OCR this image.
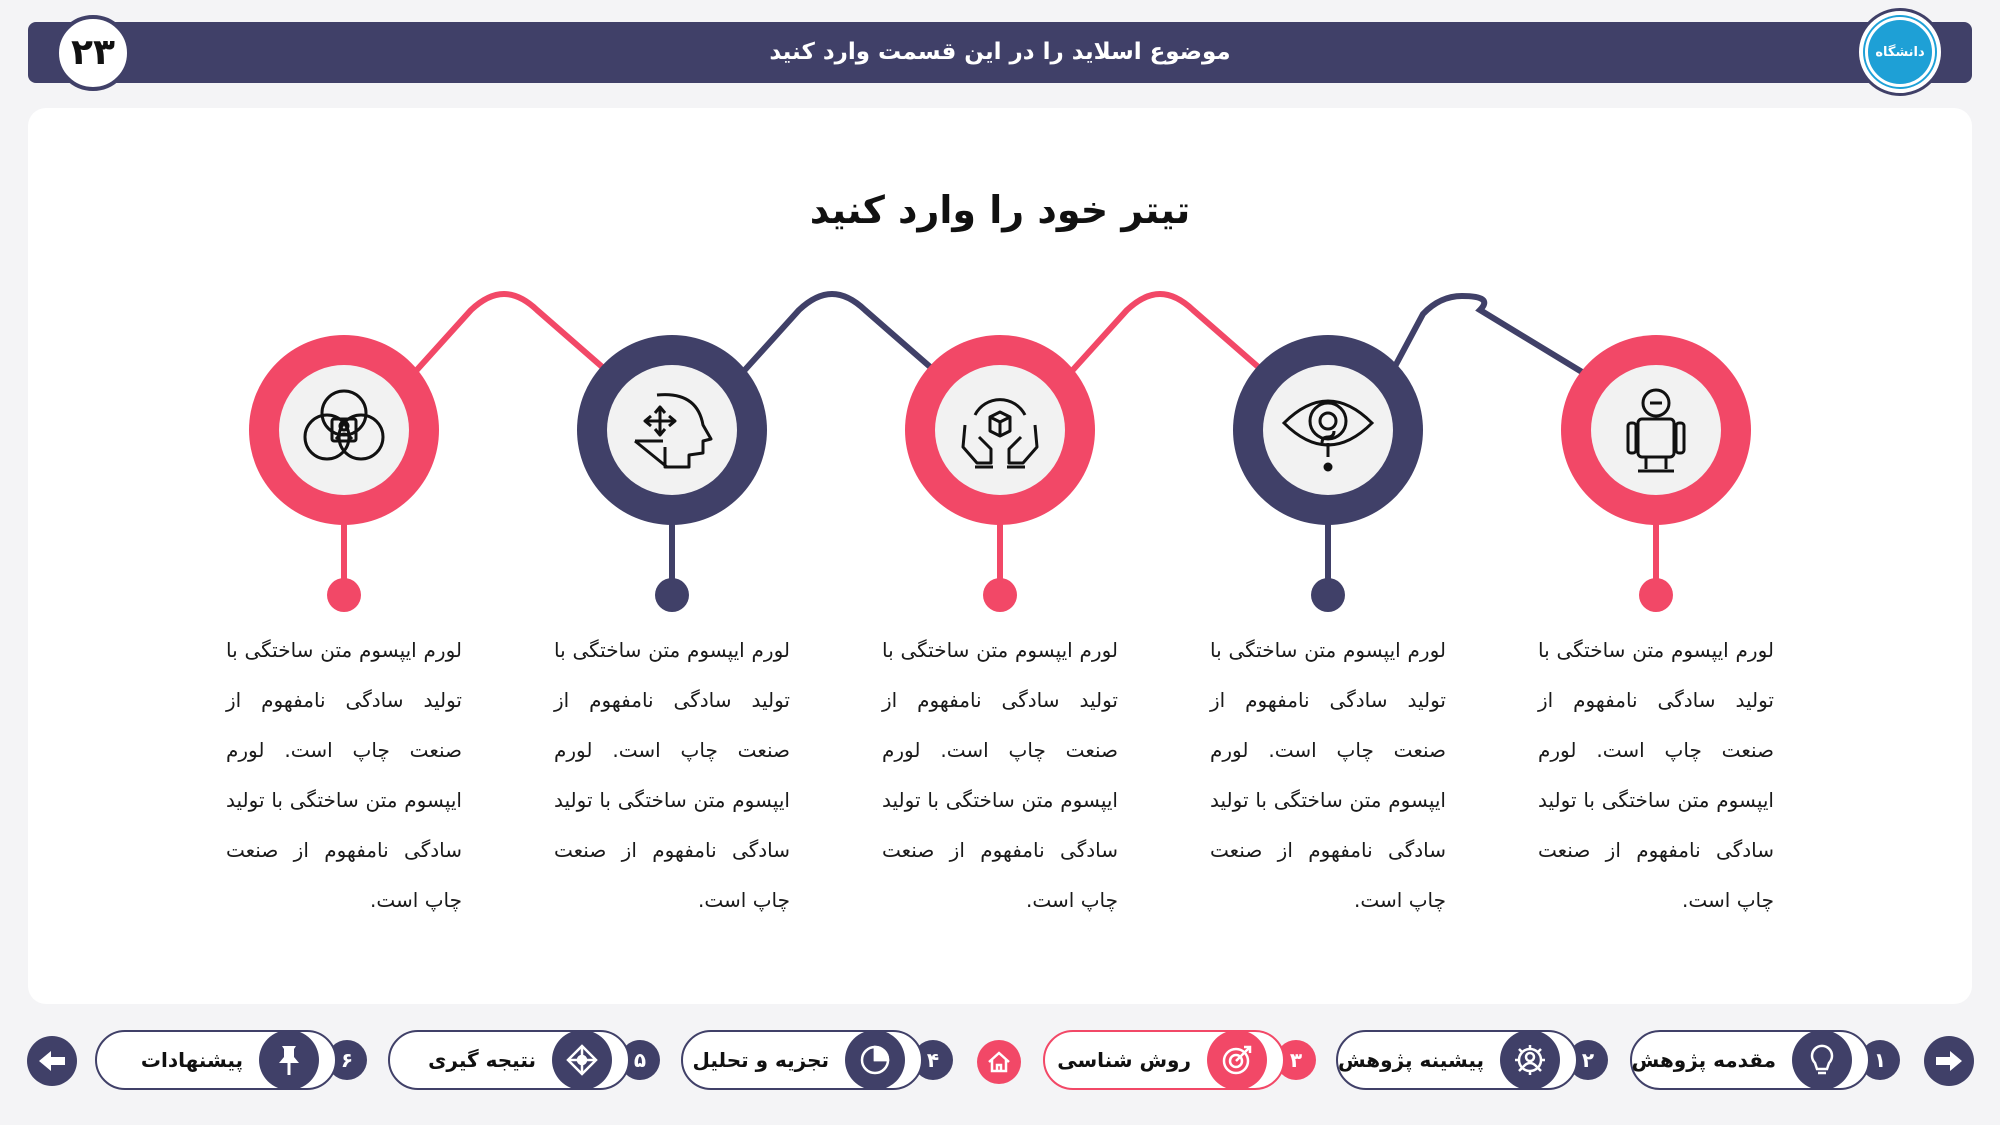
موضوع اسلاید را در این قسمت وارد کنید
۲۳	دانشگاه
تیتر خود را وارد کنید
لورم ایپسوم متن ساختگی با تولید سادگی نامفهوم از صنعت چاپ است. لورم ایپسوم متن ساختگی با تولید سادگی نامفهوم از صنعت چاپ است.
لورم ایپسوم متن ساختگی با تولید سادگی نامفهوم از صنعت چاپ است. لورم ایپسوم متن ساختگی با تولید سادگی نامفهوم از صنعت چاپ است.
لورم ایپسوم متن ساختگی با تولید سادگی نامفهوم از صنعت چاپ است. لورم ایپسوم متن ساختگی با تولید سادگی نامفهوم از صنعت چاپ است.
لورم ایپسوم متن ساختگی با تولید سادگی نامفهوم از صنعت چاپ است. لورم ایپسوم متن ساختگی با تولید سادگی نامفهوم از صنعت چاپ است.
لورم ایپسوم متن ساختگی با تولید سادگی نامفهوم از صنعت چاپ است. لورم ایپسوم متن ساختگی با تولید سادگی نامفهوم از صنعت چاپ است.
۱
مقدمه پژوهش
۲
پیشینه پژوهش
۳
روش شناسی
۴
تجزیه و تحلیل
۵
نتیجه گیری
۶
پیشنهادات
